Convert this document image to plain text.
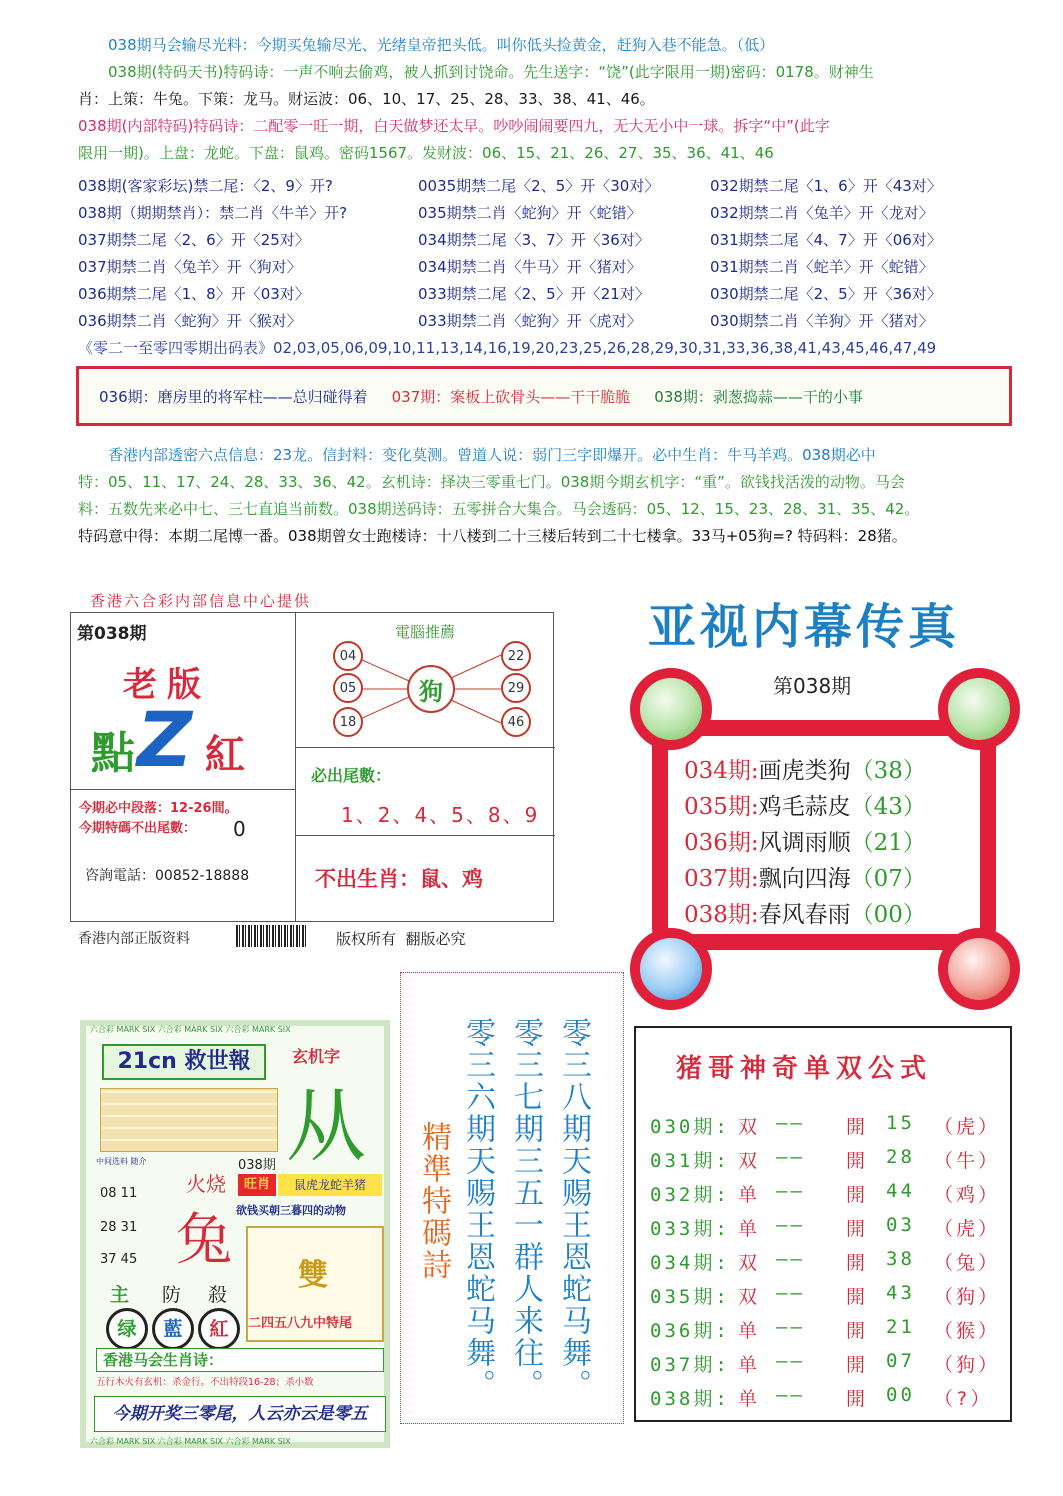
038期马会输尽光料：今期买兔输尽光、光绪皇帝把头低。叫你低头捡黄金，赶狗入巷不能急。（低）
038期(特码天书)特码诗：一声不响去偷鸡，被人抓到讨饶命。先生送字：“饶”(此字限用一期)密码：0178。财神生
肖：上策：牛兔。下策：龙马。财运波：06、10、17、25、28、33、38、41、46。
038期(内部特码)特码诗：二配零一旺一期，白天做梦还太早。吵吵闹闹要四九，无大无小中一球。拆字“中”(此字
限用一期)。上盘：龙蛇。下盘：鼠鸡。密码1567。发财波：06、15、21、26、27、35、36、41、46
038期(客家彩坛)禁二尾：〈2、9〉开?	0035期禁二尾〈2、5〉开〈30对〉	032期禁二尾〈1、6〉开〈43对〉
038期（期期禁肖）：禁二肖〈牛羊〉开?	035期禁二肖〈蛇狗〉开〈蛇错〉	032期禁二肖〈兔羊〉开〈龙对〉
037期禁二尾〈2、6〉开〈25对〉	034期禁二尾〈3、7〉开〈36对〉	031期禁二尾〈4、7〉开〈06对〉
037期禁二肖〈兔羊〉开〈狗对〉	034期禁二肖〈牛马〉开〈猪对〉	031期禁二肖〈蛇羊〉开〈蛇错〉
036期禁二尾〈1、8〉开〈03对〉	033期禁二尾〈2、5〉开〈21对〉	030期禁二尾〈2、5〉开〈36对〉
036期禁二肖〈蛇狗〉开〈猴对〉	033期禁二肖〈蛇狗〉开〈虎对〉	030期禁二肖〈羊狗〉开〈猪对〉
《零二一至零四零期出码表》02,03,05,06,09,10,11,13,14,16,19,20,23,25,26,28,29,30,31,33,36,38,41,43,45,46,47,49
036期：磨房里的将军柱——总归碰得着 037期：案板上砍骨头——干干脆脆 038期：剥葱捣蒜——干的小事
香港内部透密六点信息：23龙。信封料：变化莫测。曾道人说：弱门三字即爆开。必中生肖：牛马羊鸡。038期必中
特：05、11、17、24、28、33、36、42。玄机诗：择决三零重七门。038期今期玄机字：“重”。欲钱找活泼的动物。马会
料：五数先来必中七、三七直追当前数。038期送码诗：五零拼合大集合。马会透码：05、12、15、23、28、31、35、42。
特码意中得：本期二尾博一番。038期曾女士跑楼诗：十八楼到二十三楼后转到二十七楼拿。33马+05狗=? 特码料：28猪。
香港六合彩内部信息中心提供
第038期
老版
點 Z 紅
今期必中段落：12-26間。
今期特碼不出尾數： 0
咨詢電話：00852-18888
電腦推薦
狗
04
05
18
22
29
46
必出尾數：
1、2、4、5、8、9
不出生肖：鼠、鸡
香港内部正版资料	版权所有  翻版必究
亚视内幕传真
第038期
034期:画虎类狗（38）
035期:鸡毛蒜皮（43）
036期:风调雨顺（21）
037期:飘向四海（07）
038期:春风春雨（00）
六合彩 MARK SIX 六合彩 MARK SIX 六合彩 MARK SIX
21cn 救世報	玄机字
从
038期
旺肖	鼠虎龙蛇羊猪
欲钱买朝三暮四的动物
中间选料 随介
08 11
28 31
37 45
火烧
兔
主 防 殺
绿	藍	紅
雙
二四五八九中特尾
香港马会生肖诗：
五行木火有玄机：杀金行。不出特段16-28；杀小数
今期开奖三零尾，人云亦云是零五
六合彩 MARK SIX 六合彩 MARK SIX 六合彩 MARK SIX
零三八期天赐王恩蛇马舞。
零三七期三五一群人来往。
零三六期天赐王恩蛇马舞。
精準特碼詩
猪哥神奇单双公式
030期: 双 —— 開 15 （虎）
031期: 双 —— 開 28 （牛）
032期: 单 —— 開 44 （鸡）
033期: 单 —— 開 03 （虎）
034期: 双 —— 開 38 （兔）
035期: 双 —— 開 43 （狗）
036期: 单 —— 開 21 （猴）
037期: 单 —— 開 07 （狗）
038期: 单 —— 開 00 （?）
